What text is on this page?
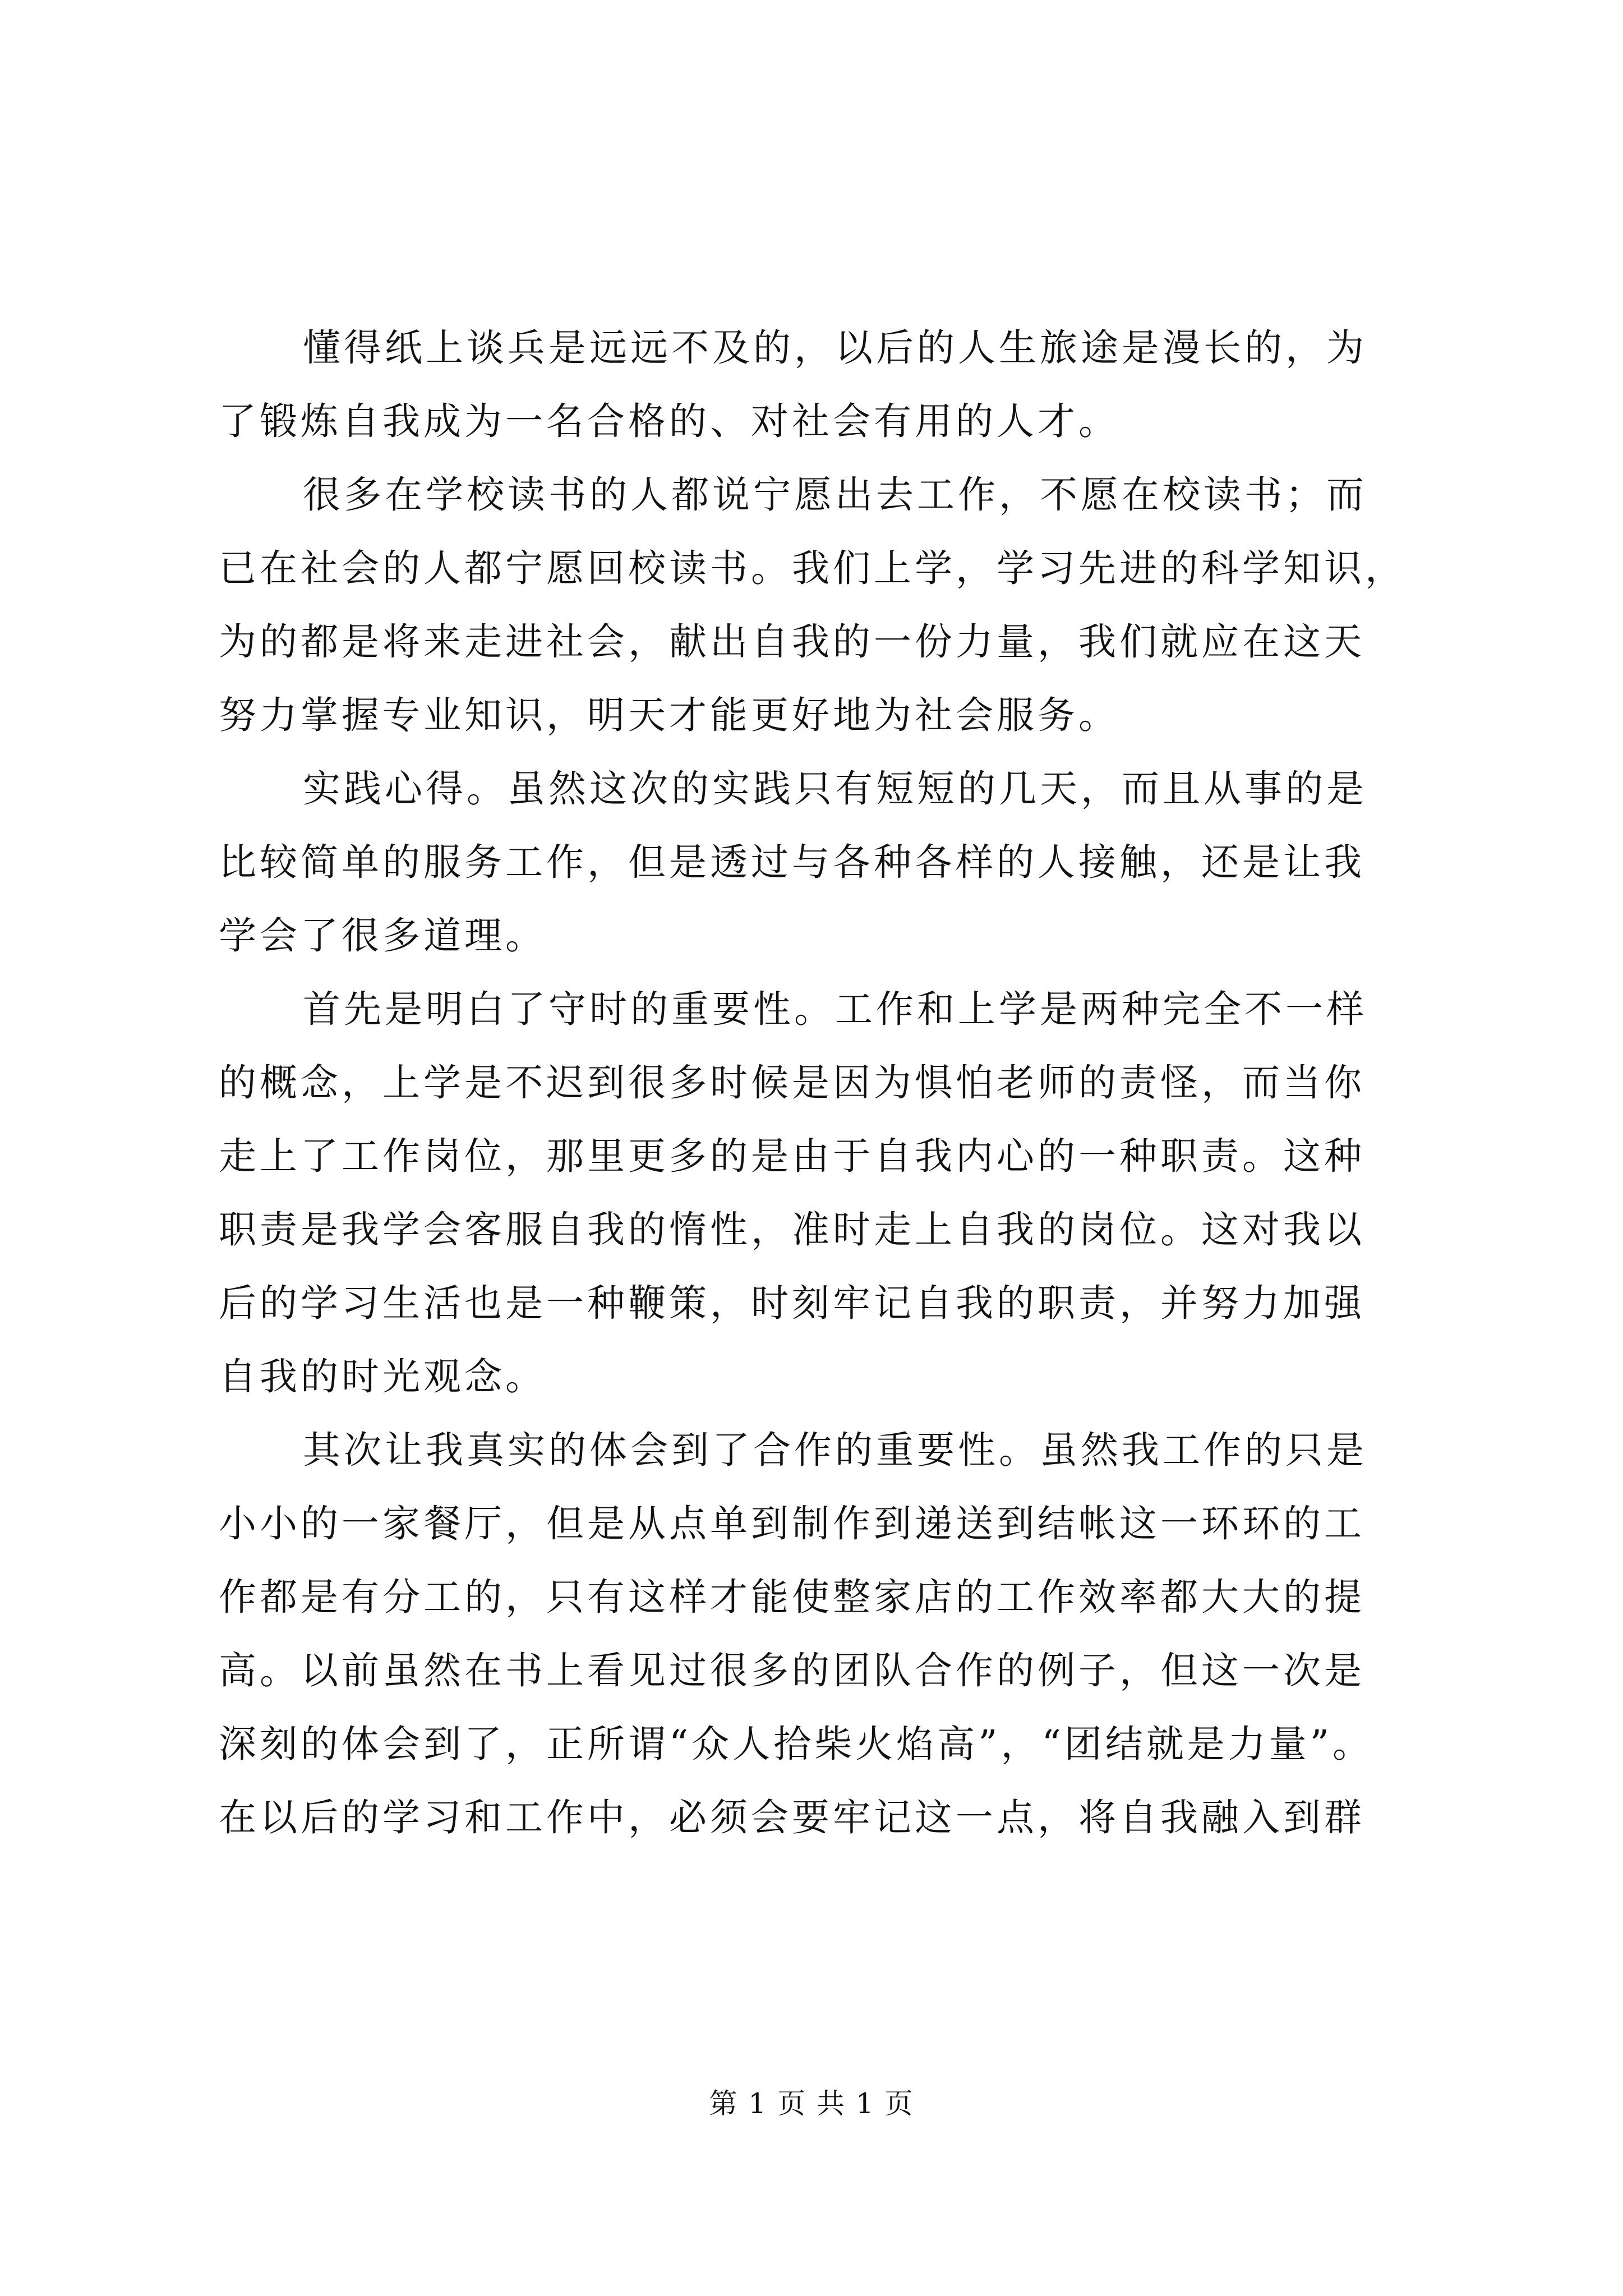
懂得纸上谈兵是远远不及的，以后的人生旅途是漫长的，为
了锻炼自我成为一名合格的、对社会有用的人才。

很多在学校读书的人都说宁愿出去工作，不愿在校读书；而
已在社会的人都宁愿回校读书。我们上学，学习先进的科学知识，
为的都是将来走进社会，献出自我的一份力量，我们就应在这天
努力掌握专业知识，明天才能更好地为社会服务。

实践心得。虽然这次的实践只有短短的几天，而且从事的是
比较简单的服务工作，但是透过与各种各样的人接触，还是让我
学会了很多道理。

首先是明白了守时的重要性。工作和上学是两种完全不一样
的概念，上学是不迟到很多时候是因为惧怕老师的责怪，而当你
走上了工作岗位，那里更多的是由于自我内心的一种职责。这种
职责是我学会客服自我的惰性，准时走上自我的岗位。这对我以
后的学习生活也是一种鞭策，时刻牢记自我的职责，并努力加强
自我的时光观念。

其次让我真实的体会到了合作的重要性。虽然我工作的只是
小小的一家餐厅，但是从点单到制作到递送到结帐这一环环的工
作都是有分工的，只有这样才能使整家店的工作效率都大大的提
高。以前虽然在书上看见过很多的团队合作的例子，但这一次是
深刻的体会到了，正所谓“众人拾柴火焰高”，“团结就是力量”。
在以后的学习和工作中，必须会要牢记这一点，将自我融入到群

第 1 页 共 1 页
